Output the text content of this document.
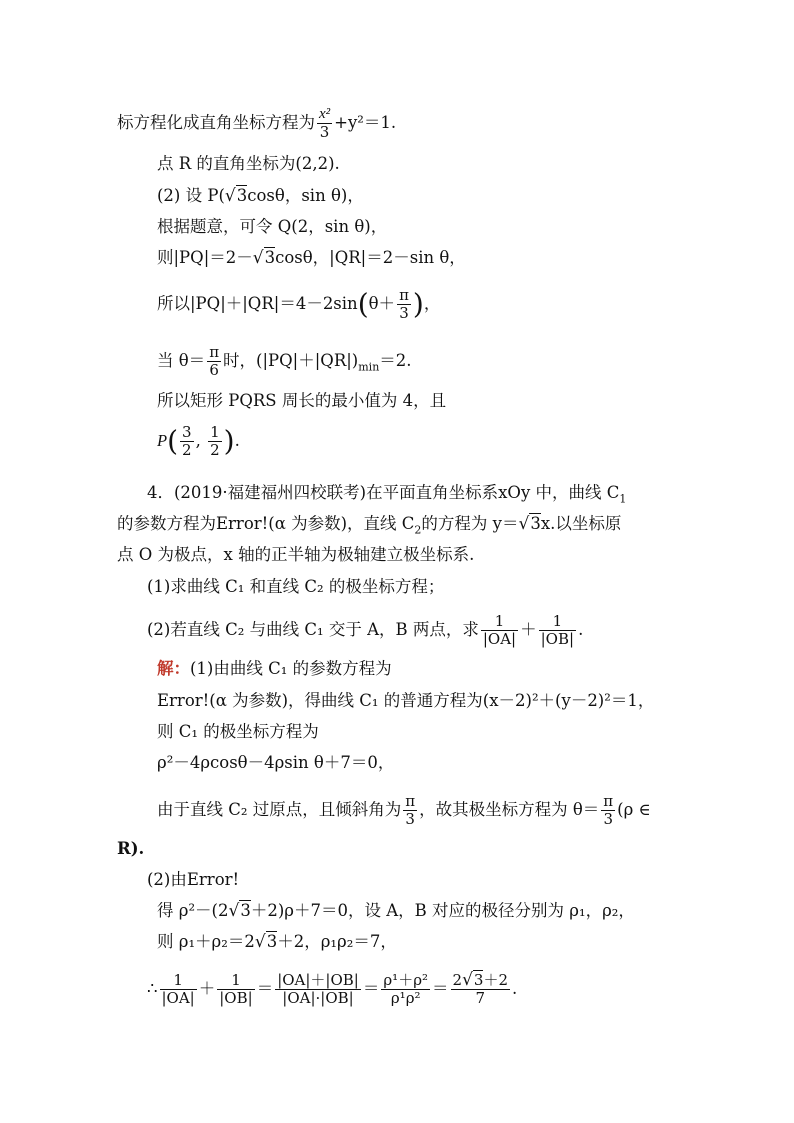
标方程化成直角坐标方程为 $\frac{\text{x²}}{3} +y^2=1$.
点 R 的直角坐标为(2,2).
(2) 设 P(√3cosθ，sin θ)，
根据题意，可令 Q(2，sin θ)，
则|PQ|＝2－√3cosθ，|QR|＝2－sin θ，
所以$|PQ|+|QR|=4-2\sin(\theta+ \frac{\pi}{3}$ )，
当 $\theta= \frac{\pi}{6}$ 时，$(|PQ|+|QR|)_{min}=2$.
所以矩形 PQRS 周长的最小值为 4，且
$P( \frac{3}{2}$ , $\frac{1}{2}$ ).
4．(2019·福建福州四校联考)在平面直角坐标系xOy 中，曲线 $C_1$
的参数方程为Error!(α 为参数)，直线 $C_2$的方程为 y＝√3x.以坐标原
点 O 为极点，x 轴的正半轴为极轴建立极坐标系.
(1)求曲线 C₁ 和直线 C₂ 的极坐标方程；
(2)若直线 C₂ 与曲线 C₁ 交于 A，B 两点，求 $\frac{1}{|OA|} + \frac{1}{|OB|}$ .
解：(1)由曲线 C₁ 的参数方程为
Error!(α 为参数)，得曲线 C₁ 的普通方程为(x－2)²＋(y－2)²＝1，
则 C₁ 的极坐标方程为
ρ²－4ρcosθ－4ρsin θ＋7＝0，
由于直线 C₂ 过原点，且倾斜角为 $\frac{\pi}{3}$ ，故其极坐标方程为 $\theta= \frac{\pi}{3} (\rho$ ∈
R).
(2)由Error!
得 ρ²－(2√3＋2)ρ＋7＝0，设 A，B 对应的极径分别为 ρ₁，ρ₂，
则 ρ₁＋ρ₂＝2√3＋2，ρ₁ρ₂＝7，
∴ $\frac{1}{|OA|} + \frac{1}{|OB|} = \frac{|OA|+|OB|}{|OA|\cdot|OB|} = \frac{\text{ρ¹＋ρ²}}{\text{ρ¹ρ²}} = \frac{2√3+2}{7}$ .
